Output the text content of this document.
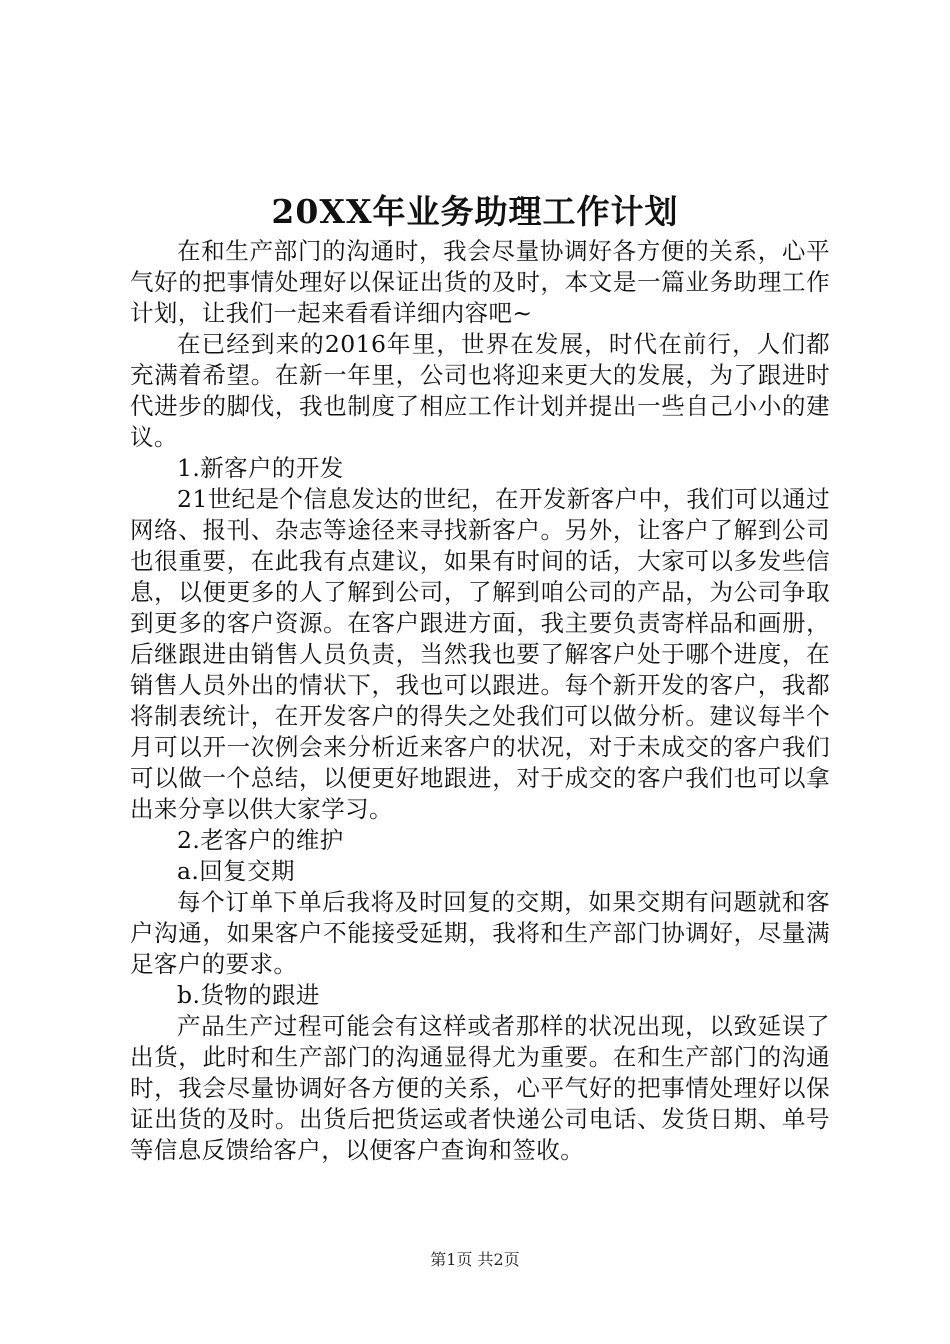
20XX年业务助理工作计划

在和生产部门的沟通时，我会尽量协调好各方便的关系，心平气好的把事情处理好以保证出货的及时，本文是一篇业务助理工作计划，让我们一起来看看详细内容吧~

在已经到来的2016年里，世界在发展，时代在前行，人们都充满着希望。在新一年里，公司也将迎来更大的发展，为了跟进时代进步的脚伐，我也制度了相应工作计划并提出一些自己小小的建议。

1.新客户的开发

21世纪是个信息发达的世纪，在开发新客户中，我们可以通过网络、报刊、杂志等途径来寻找新客户。另外，让客户了解到公司也很重要，在此我有点建议，如果有时间的话，大家可以多发些信息，以便更多的人了解到公司，了解到咱公司的产品，为公司争取到更多的客户资源。在客户跟进方面，我主要负责寄样品和画册，后继跟进由销售人员负责，当然我也要了解客户处于哪个进度，在销售人员外出的情状下，我也可以跟进。每个新开发的客户，我都将制表统计，在开发客户的得失之处我们可以做分析。建议每半个月可以开一次例会来分析近来客户的状况，对于未成交的客户我们可以做一个总结，以便更好地跟进，对于成交的客户我们也可以拿出来分享以供大家学习。

2.老客户的维护

a.回复交期

每个订单下单后我将及时回复的交期，如果交期有问题就和客户沟通，如果客户不能接受延期，我将和生产部门协调好，尽量满足客户的要求。

b.货物的跟进

产品生产过程可能会有这样或者那样的状况出现，以致延误了出货，此时和生产部门的沟通显得尤为重要。在和生产部门的沟通时，我会尽量协调好各方便的关系，心平气好的把事情处理好以保证出货的及时。出货后把货运或者快递公司电话、发货日期、单号等信息反馈给客户，以便客户查询和签收。

第1页 共2页
